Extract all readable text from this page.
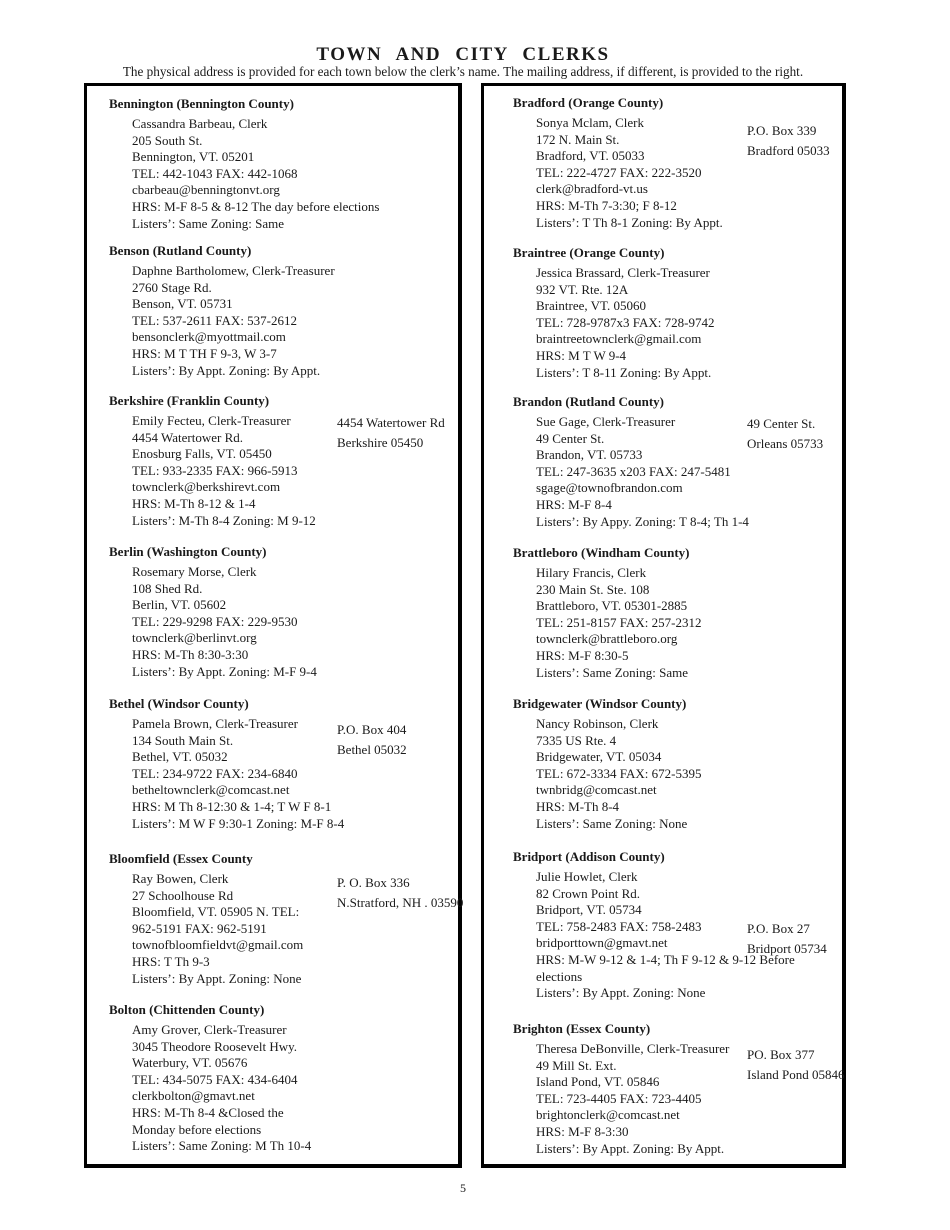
TOWN AND CITY CLERKS
The physical address is provided for each town below the clerk’s name. The mailing address, if different, is provided to the right.
Bennington (Bennington County)
Cassandra Barbeau, Clerk
205 South St.
Bennington, VT. 05201
TEL: 442-1043 FAX: 442-1068
cbarbeau@benningtonvt.org
HRS: M-F 8-5 & 8-12 The day before elections
Listers’: Same Zoning: Same
Benson (Rutland County)
Daphne Bartholomew, Clerk-Treasurer
2760 Stage Rd.
Benson, VT. 05731
TEL: 537-2611 FAX: 537-2612
bensonclerk@myottmail.com
HRS: M T TH F 9-3, W 3-7
Listers’: By Appt. Zoning: By Appt.
Berkshire (Franklin County)
Emily Fecteu, Clerk-Treasurer
4454 Watertower Rd.
Enosburg Falls, VT. 05450
TEL: 933-2335 FAX: 966-5913
townclerk@berkshirevt.com
HRS: M-Th 8-12 & 1-4
Listers’: M-Th 8-4 Zoning: M 9-12
4454 Watertower Rd
Berkshire 05450
Berlin (Washington County)
Rosemary Morse, Clerk
108 Shed Rd.
Berlin, VT. 05602
TEL: 229-9298 FAX: 229-9530
townclerk@berlinvt.org
HRS: M-Th 8:30-3:30
Listers’: By Appt. Zoning: M-F 9-4
Bethel (Windsor County)
Pamela Brown, Clerk-Treasurer
134 South Main St.
Bethel, VT. 05032
TEL: 234-9722 FAX: 234-6840
betheltownclerk@comcast.net
HRS: M Th 8-12:30 & 1-4; T W F 8-1
Listers’: M W F 9:30-1 Zoning: M-F 8-4
P.O. Box 404
Bethel 05032
Bloomfield (Essex County
Ray Bowen, Clerk
27 Schoolhouse Rd
Bloomfield, VT. 05905 N. TEL:
962-5191 FAX: 962-5191
townofbloomfieldvt@gmail.com
HRS: T Th 9-3
Listers’: By Appt. Zoning: None
P. O. Box 336
N.Stratford, NH . 03590
Bolton (Chittenden County)
Amy Grover, Clerk-Treasurer
3045 Theodore Roosevelt Hwy.
Waterbury, VT. 05676
TEL: 434-5075 FAX: 434-6404
clerkbolton@gmavt.net
HRS: M-Th 8-4 &Closed the
Monday before elections
Listers’: Same Zoning: M Th 10-4
Bradford (Orange County)
Sonya Mclam, Clerk
172 N. Main St.
Bradford, VT. 05033
TEL: 222-4727 FAX: 222-3520
clerk@bradford-vt.us
HRS: M-Th 7-3:30; F 8-12
Listers’: T Th 8-1 Zoning: By Appt.
P.O. Box 339
Bradford 05033
Braintree (Orange County)
Jessica Brassard, Clerk-Treasurer
932 VT. Rte. 12A
Braintree, VT. 05060
TEL: 728-9787x3 FAX: 728-9742
braintreetownclerk@gmail.com
HRS: M T W 9-4
Listers’: T 8-11 Zoning: By Appt.
Brandon (Rutland County)
Sue Gage, Clerk-Treasurer
49 Center St.
Brandon, VT. 05733
TEL: 247-3635 x203 FAX: 247-5481
sgage@townofbrandon.com
HRS: M-F 8-4
Listers’: By Appy. Zoning: T 8-4; Th 1-4
49 Center St.
Orleans 05733
Brattleboro (Windham County)
Hilary Francis, Clerk
230 Main St. Ste. 108
Brattleboro, VT. 05301-2885
TEL: 251-8157 FAX: 257-2312
townclerk@brattleboro.org
HRS: M-F 8:30-5
Listers’: Same Zoning: Same
Bridgewater (Windsor County)
Nancy Robinson, Clerk
7335 US Rte. 4
Bridgewater, VT. 05034
TEL: 672-3334 FAX: 672-5395
twnbridg@comcast.net
HRS: M-Th 8-4
Listers’: Same Zoning: None
Bridport (Addison County)
Julie Howlet, Clerk
82 Crown Point Rd.
Bridport, VT. 05734
TEL: 758-2483 FAX: 758-2483
bridporttown@gmavt.net
HRS: M-W 9-12 & 1-4; Th F 9-12 & 9-12 Before
elections
Listers’: By Appt. Zoning: None
P.O. Box 27
Bridport 05734
Brighton (Essex County)
Theresa DeBonville, Clerk-Treasurer
49 Mill St. Ext.
Island Pond, VT. 05846
TEL: 723-4405 FAX: 723-4405
brightonclerk@comcast.net
HRS: M-F 8-3:30
Listers’: By Appt. Zoning: By Appt.
PO. Box 377
Island Pond 05846
5
